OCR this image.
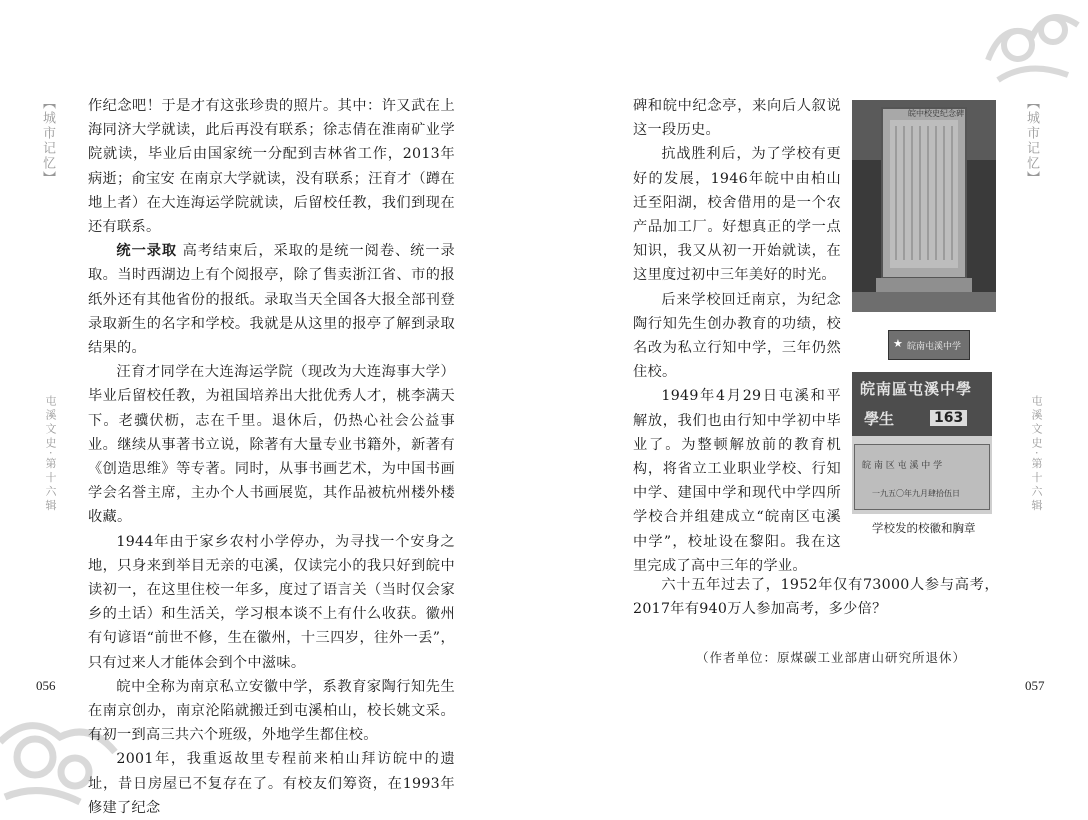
【城市记忆】	【城市记忆】
屯溪文史·第十六辑	屯溪文史·第十六辑
056	057

作纪念吧！于是才有这张珍贵的照片。其中：许又武在上海同济大学就读，此后再没有联系；徐志倩在淮南矿业学院就读，毕业后由国家统一分配到吉林省工作，2013年病逝；俞宝安 在南京大学就读，没有联系；汪育才（蹲在地上者）在大连海运学院就读，后留校任教，我们到现在还有联系。

统一录取 高考结束后，采取的是统一阅卷、统一录取。当时西湖边上有个阅报亭，除了售卖浙江省、市的报纸外还有其他省份的报纸。录取当天全国各大报全部刊登录取新生的名字和学校。我就是从这里的报亭了解到录取结果的。

汪育才同学在大连海运学院（现改为大连海事大学）毕业后留校任教，为祖国培养出大批优秀人才，桃李满天下。老骥伏枥，志在千里。退休后，仍热心社会公益事业。继续从事著书立说，除著有大量专业书籍外，新著有《创造思维》等专著。同时，从事书画艺术，为中国书画学会名誉主席，主办个人书画展览，其作品被杭州楼外楼收藏。

1944年由于家乡农村小学停办，为寻找一个安身之地，只身来到举目无亲的屯溪，仅读完小的我只好到皖中读初一，在这里住校一年多，度过了语言关（当时仅会家乡的土话）和生活关，学习根本谈不上有什么收获。徽州有句谚语“前世不修，生在徽州，十三四岁，往外一丢”，只有过来人才能体会到个中滋味。

皖中全称为南京私立安徽中学，系教育家陶行知先生在南京创办，南京沦陷就搬迁到屯溪柏山，校长姚文采。有初一到高三共六个班级，外地学生都住校。

2001年，我重返故里专程前来柏山拜访皖中的遗址，昔日房屋已不复存在了。有校友们筹资，在1993年修建了纪念

碑和皖中纪念亭，来向后人叙说这一段历史。

抗战胜利后，为了学校有更好的发展，1946年皖中由柏山迁至阳湖，校舍借用的是一个农产品加工厂。好想真正的学一点知识，我又从初一开始就读，在这里度过初中三年美好的时光。

后来学校回迁南京，为纪念陶行知先生创办教育的功绩，校名改为私立行知中学，三年仍然住校。

1949年4月29日屯溪和平解放，我们也由行知中学初中毕业了。为整顿解放前的教育机构，将省立工业职业学校、行知中学、建国中学和现代中学四所学校合并组建成立“皖南区屯溪中学”，校址设在黎阳。我在这里完成了高中三年的学业。

六十五年过去了，1952年仅有73000人参与高考，2017年有940万人参加高考，多少倍？

（作者单位：原煤碳工业部唐山研究所退休）
皖中校史纪念碑
★ 皖南屯溪中学
皖南區屯溪中學
學生	163
皖 南 区 屯 溪 中 学
一九五〇年九月肆拾伍日
学校发的校徽和胸章
